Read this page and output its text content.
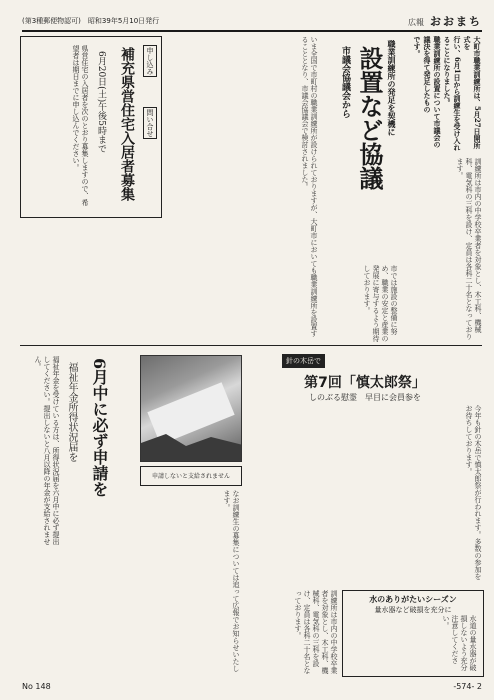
(第3種郵便物認可)　昭和39年5月10日発行	広報 おおまち
大町市職業訓練所は、5月27日開所式を
行い、6月1日から訓練生を受け入れることになりました。
職業訓練所の設置について市議会の議決を得て発足したもの
です。
職業訓練所の発足を契機に
設置など協議
市議会協議会から
いま全国で市町村の職業訓練所が設けられておりますが、大町市においても職業訓練所を設置することとなり、市議会協議会で検討されました。
訓練所は市内の中学校卒業者を対象とし、木工科、機械科、電気科の三科を設け、定員は各科二十名となっております。
市では施設の整備に努め、職業の安定と産業の発展に寄与するよう期待しております。
補充県営住宅入居者募集
6月20日(土)午後5時まで
県営住宅の入居者を次のとおり募集しますので、希望者は期日までに申し込んでください。	申し込み
問い合せ
6月中に必ず申請を
福祉年金所得状況届を
福祉年金を受けている方は、所得状況届を六月中に必ず提出してください。提出しないと八月以降の年金が支給されません。
申請しないと支給されません
針の木岳で
第7回「慎太郎祭」
しのぶる慰霊　早目に会員参を
今年も針の木岳で慎太郎祭が行われます。多数の参加をお待ちしております。
なお訓練生の募集については追って広報でお知らせいたします。
訓練所は市内の中学校卒業者を対象とし、木工科、機械科、電気科の三科を設け、定員は各科二十名となっております。	水のありがたいシーズン
量水器など破損を充分に
水道の量水器が破損しないよう充分注意してください。
No 148	-574- 2
